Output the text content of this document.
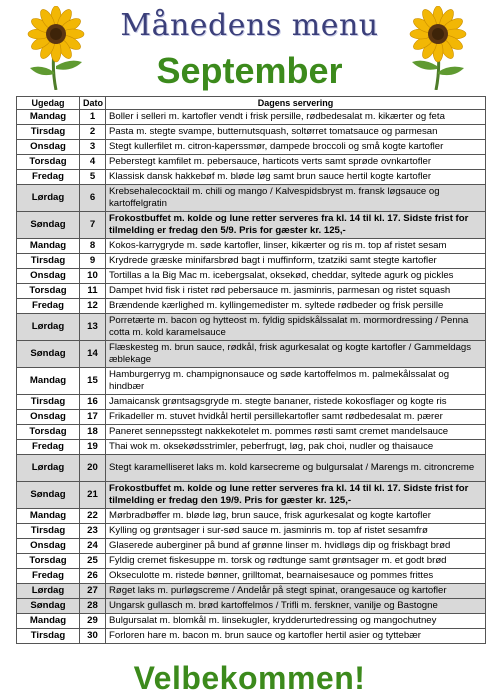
Månedens menu
September
Ugedag	Dato	Dagens servering
Mandag	1	Boller i selleri m. kartofler vendt i frisk persille, rødbedesalat m. kikærter og feta
Tirsdag	2	Pasta m. stegte svampe, butternutsquash, soltørret tomatsauce og parmesan
Onsdag	3	Stegt kullerfilet m. citron-kaperssmør, dampede broccoli og små kogte kartofler
Torsdag	4	Peberstegt kamfilet m. pebersauce, harticots verts samt sprøde ovnkartofler
Fredag	5	Klassisk dansk hakkebøf m. bløde løg samt brun sauce hertil kogte kartofler
Lørdag	6	Krebsehalecocktail m. chili og mango / Kalvespidsbryst m. fransk løgsauce og kartoffelgratin
Søndag	7	Frokostbuffet m. kolde og lune retter serveres fra kl. 14 til kl. 17. Sidste frist for tilmelding er fredag den 5/9. Pris for gæster kr. 125,-
Mandag	8	Kokos-karrygryde m. søde kartofler, linser, kikærter og ris m. top af ristet sesam
Tirsdag	9	Krydrede græske minifarsbrød bagt i muffinform, tzatziki samt stegte kartofler
Onsdag	10	Tortillas a la Big Mac m. icebergsalat, oksekød, cheddar, syltede agurk og pickles
Torsdag	11	Dampet hvid fisk i ristet rød pebersauce m. jasminris, parmesan og ristet squash
Fredag	12	Brændende kærlighed m. kyllingemedister m. syltede rødbeder og frisk persille
Lørdag	13	Porretærte m. bacon og hytteost m. fyldig spidskålssalat m. mormordressing / Penna cotta m. kold karamelsauce
Søndag	14	Flæskesteg m. brun sauce, rødkål, frisk agurkesalat og kogte kartofler / Gammeldags æblekage
Mandag	15	Hamburgerryg m. champignonsauce og søde kartoffelmos m. palmekålssalat og hindbær
Tirsdag	16	Jamaicansk grøntsagsgryde m. stegte bananer, ristede kokosflager og kogte ris
Onsdag	17	Frikadeller m. stuvet hvidkål hertil persillekartofler samt rødbedesalat m. pærer
Torsdag	18	Paneret sennepsstegt nakkekotelet m. pommes røsti samt cremet mandelsauce
Fredag	19	Thai wok m. oksekødsstrimler, peberfrugt, løg, pak choi, nudler og thaisauce
Lørdag	20	Stegt karamelliseret laks m. kold karsecreme og bulgursalat / Marengs m. citroncreme
Søndag	21	Frokostbuffet m. kolde og lune retter serveres fra kl. 14 til kl. 17. Sidste frist for tilmelding er fredag den 19/9. Pris for gæster kr. 125,-
Mandag	22	Mørbradbøffer m. bløde løg, brun sauce, frisk agurkesalat og kogte kartofler
Tirsdag	23	Kylling og grøntsager i sur-sød sauce m. jasminris m. top af ristet sesamfrø
Onsdag	24	Glaserede auberginer på bund af grønne linser m. hvidløgs dip og friskbagt brød
Torsdag	25	Fyldig cremet fiskesuppe m. torsk og rødtunge samt grøntsager m. et godt brød
Fredag	26	Okseculotte m. ristede bønner, grilltomat, bearnaisesauce og pommes frittes
Lørdag	27	Røget laks m. purløgscreme / Andelår på stegt spinat, orangesauce og kartofler
Søndag	28	Ungarsk gullasch m. brød kartoffelmos / Trifli m. ferskner, vanilje og Bastogne
Mandag	29	Bulgursalat m. blomkål m. linsekugler, krydderurtedressing og mangochutney
Tirsdag	30	Forloren hare m. bacon m. brun sauce og kartofler hertil asier og tyttebær
Velbekommen!
